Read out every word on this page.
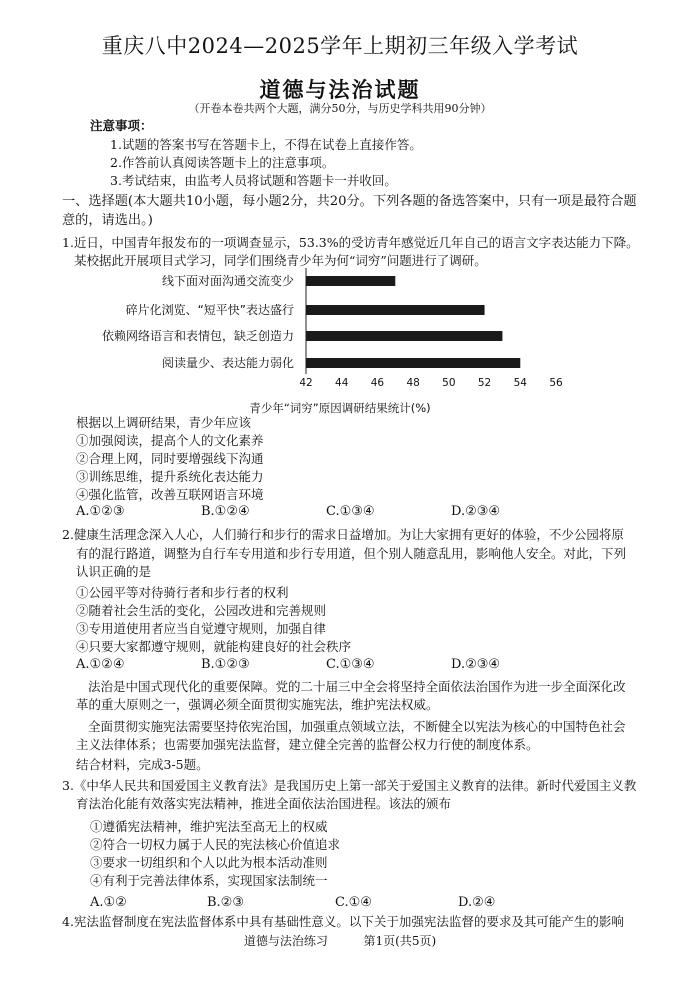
重庆八中2024—2025学年上期初三年级入学考试
道德与法治试题
（开卷本卷共两个大题，满分50分，与历史学科共用90分钟）
注意事项：
1.试题的答案书写在答题卡上，不得在试卷上直接作答。
2.作答前认真阅读答题卡上的注意事项。
3.考试结束，由监考人员将试题和答题卡一并收回。
一、选择题(本大题共10小题，每小题2分，共20分。下列各题的备选答案中，只有一项是最符合题
意的，请选出。)
1.近日，中国青年报发布的一项调查显示，53.3%的受访青年感觉近几年自己的语言文字表达能力下降。
某校据此开展项目式学习，同学们围绕青少年为何“词穷”问题进行了调研。
线下面对面沟通交流变少
碎片化浏览、“短平快”表达盛行
依赖网络语言和表情包，缺乏创造力
阅读量少、表达能力弱化
42 44 46 48 50 52 54 56
青少年“词穷”原因调研结果统计(%)
根据以上调研结果，青少年应该
①加强阅读，提高个人的文化素养
②合理上网，同时要增强线下沟通
③训练思维，提升系统化表达能力
④强化监管，改善互联网语言环境
A.①②③	B.①②④	C.①③④	D.②③④
2.健康生活理念深入人心，人们骑行和步行的需求日益增加。为让大家拥有更好的体验，不少公园将原
有的混行路道，调整为自行车专用道和步行专用道，但个别人随意乱用，影响他人安全。对此，下列
认识正确的是
①公园平等对待骑行者和步行者的权利
②随着社会生活的变化，公园改进和完善规则
③专用道使用者应当自觉遵守规则，加强自律
④只要大家都遵守规则，就能构建良好的社会秩序
A.①②④	B.①②③	C.①③④	D.②③④
法治是中国式现代化的重要保障。党的二十届三中全会将坚持全面依法治国作为进一步全面深化改
革的重大原则之一，强调必须全面贯彻实施宪法，维护宪法权威。
全面贯彻实施宪法需要坚持依宪治国，加强重点领域立法，不断健全以宪法为核心的中国特色社会
主义法律体系；也需要加强宪法监督，建立健全完善的监督公权力行使的制度体系。
结合材料，完成3-5题。
3.《中华人民共和国爱国主义教育法》是我国历史上第一部关于爱国主义教育的法律。新时代爱国主义教
育法治化能有效落实宪法精神，推进全面依法治国进程。该法的颁布
①遵循宪法精神，维护宪法至高无上的权威
②符合一切权力属于人民的宪法核心价值追求
③要求一切组织和个人以此为根本活动准则
④有利于完善法律体系，实现国家法制统一
A.①②	B.②③	C.①④	D.②④
4.宪法监督制度在宪法监督体系中具有基础性意义。以下关于加强宪法监督的要求及其可能产生的影响
道德与法治练习	第1页(共5页)
